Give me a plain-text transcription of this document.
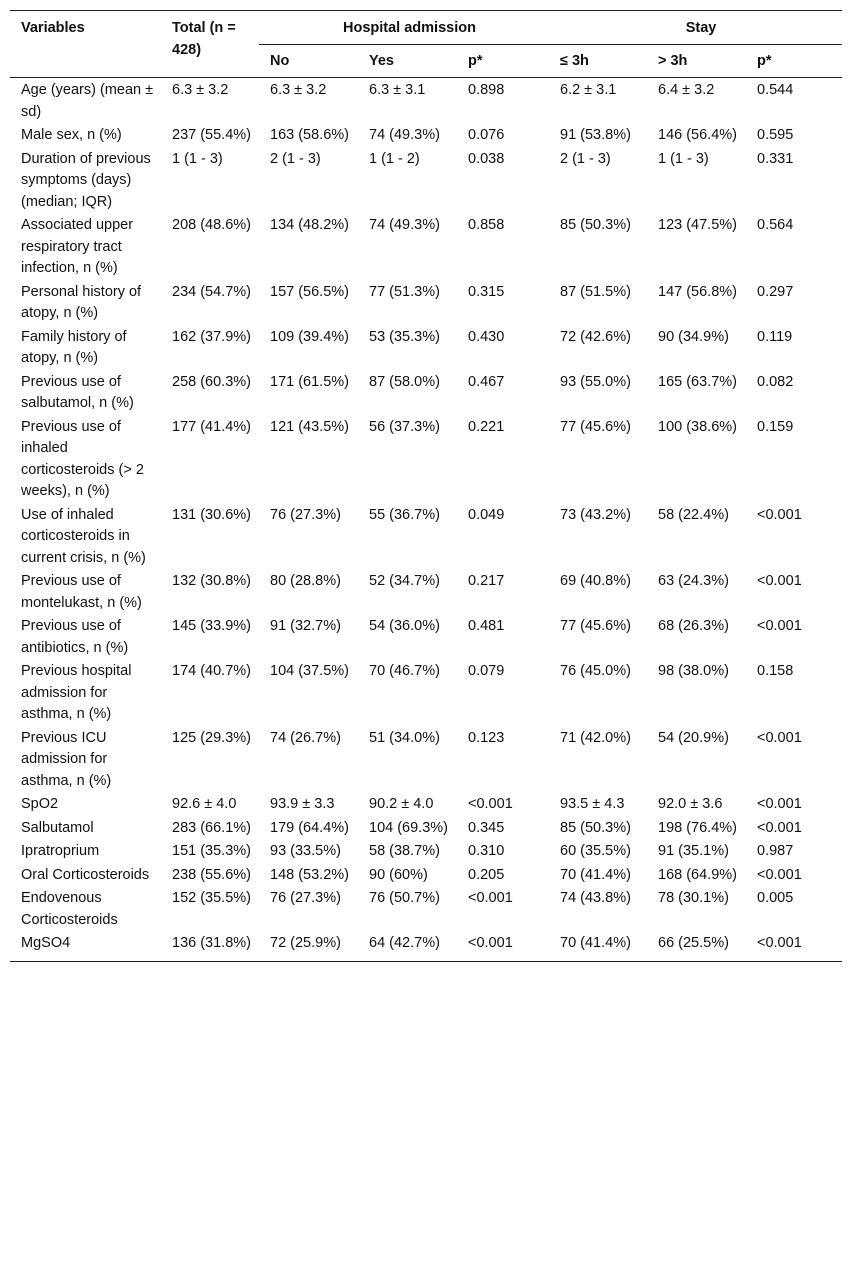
Variables	Total (n = 428)	Hospital admission			Stay		
		No	Yes	p*	≤ 3h	> 3h	p*
Age (years) (mean ± sd)	6.3 ± 3.2	6.3 ± 3.2	6.3 ± 3.1	0.898	6.2 ± 3.1	6.4 ± 3.2	0.544
Male sex, n (%)	237 (55.4%)	163 (58.6%)	74 (49.3%)	0.076	91 (53.8%)	146 (56.4%)	0.595
Duration of previous symptoms (days) (median; IQR)	1 (1 - 3)	2 (1 - 3)	1 (1 - 2)	0.038	2 (1 - 3)	1 (1 - 3)	0.331
Associated upper respiratory tract infection, n (%)	208 (48.6%)	134 (48.2%)	74 (49.3%)	0.858	85 (50.3%)	123 (47.5%)	0.564
Personal history of atopy, n (%)	234 (54.7%)	157 (56.5%)	77 (51.3%)	0.315	87 (51.5%)	147 (56.8%)	0.297
Family history of atopy, n (%)	162 (37.9%)	109 (39.4%)	53 (35.3%)	0.430	72 (42.6%)	90 (34.9%)	0.119
Previous use of salbutamol, n (%)	258 (60.3%)	171 (61.5%)	87 (58.0%)	0.467	93 (55.0%)	165 (63.7%)	0.082
Previous use of inhaled corticosteroids (> 2 weeks), n (%)	177 (41.4%)	121 (43.5%)	56 (37.3%)	0.221	77 (45.6%)	100 (38.6%)	0.159
Use of inhaled corticosteroids in current crisis, n (%)	131 (30.6%)	76 (27.3%)	55 (36.7%)	0.049	73 (43.2%)	58 (22.4%)	<0.001
Previous use of montelukast, n (%)	132 (30.8%)	80 (28.8%)	52 (34.7%)	0.217	69 (40.8%)	63 (24.3%)	<0.001
Previous use of antibiotics, n (%)	145 (33.9%)	91 (32.7%)	54 (36.0%)	0.481	77 (45.6%)	68 (26.3%)	<0.001
Previous hospital admission for asthma, n (%)	174 (40.7%)	104 (37.5%)	70 (46.7%)	0.079	76 (45.0%)	98 (38.0%)	0.158
Previous ICU admission for asthma, n (%)	125 (29.3%)	74 (26.7%)	51 (34.0%)	0.123	71 (42.0%)	54 (20.9%)	<0.001
SpO2	92.6 ± 4.0	93.9 ± 3.3	90.2 ± 4.0	<0.001	93.5 ± 4.3	92.0 ± 3.6	<0.001
Salbutamol	283 (66.1%)	179 (64.4%)	104 (69.3%)	0.345	85 (50.3%)	198 (76.4%)	<0.001
Ipratroprium	151 (35.3%)	93 (33.5%)	58 (38.7%)	0.310	60 (35.5%)	91 (35.1%)	0.987
Oral Corticosteroids	238 (55.6%)	148 (53.2%)	90 (60%)	0.205	70 (41.4%)	168 (64.9%)	<0.001
Endovenous Corticosteroids	152 (35.5%)	76 (27.3%)	76 (50.7%)	<0.001	74 (43.8%)	78 (30.1%)	0.005
MgSO4	136 (31.8%)	72 (25.9%)	64 (42.7%)	<0.001	70 (41.4%)	66 (25.5%)	<0.001
